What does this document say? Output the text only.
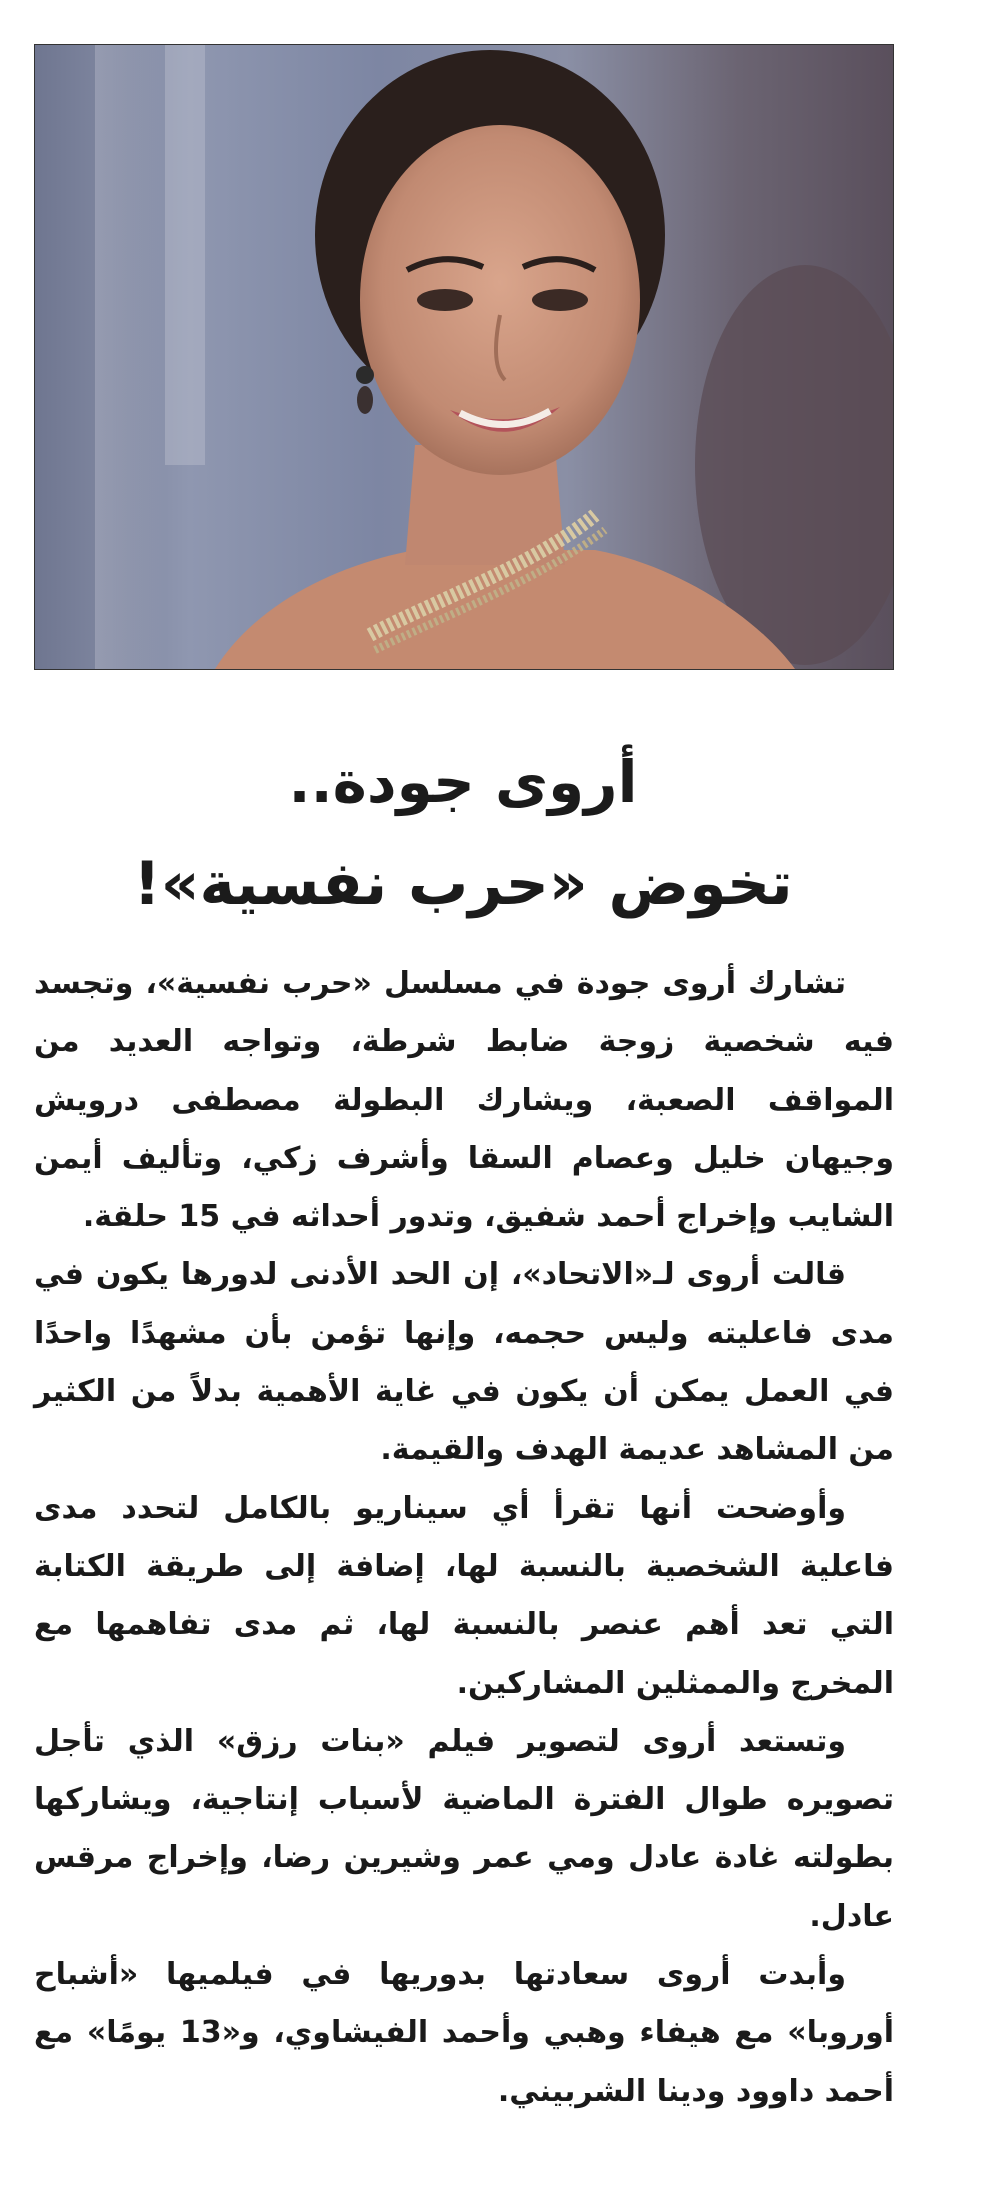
أروى جودة..
تخوض «حرب نفسية»!

تشارك أروى جودة في مسلسل «حرب نفسية»، وتجسد فيه شخصية زوجة ضابط شرطة، وتواجه العديد من المواقف الصعبة، ويشارك البطولة مصطفى درويش وجيهان خليل وعصام السقا وأشرف زكي، وتأليف أيمن الشايب وإخراج أحمد شفيق، وتدور أحداثه في 15 حلقة.

قالت أروى لـ«الاتحاد»، إن الحد الأدنى لدورها يكون في مدى فاعليته وليس حجمه، وإنها تؤمن بأن مشهدًا واحدًا في العمل يمكن أن يكون في غاية الأهمية بدلاً من الكثير من المشاهد عديمة الهدف والقيمة.

وأوضحت أنها تقرأ أي سيناريو بالكامل لتحدد مدى فاعلية الشخصية بالنسبة لها، إضافة إلى طريقة الكتابة التي تعد أهم عنصر بالنسبة لها، ثم مدى تفاهمها مع المخرج والممثلين المشاركين.

وتستعد أروى لتصوير فيلم «بنات رزق» الذي تأجل تصويره طوال الفترة الماضية لأسباب إنتاجية، ويشاركها بطولته غادة عادل ومي عمر وشيرين رضا، وإخراج مرقس عادل.

وأبدت أروى سعادتها بدوريها في فيلميها «أشباح أوروبا» مع هيفاء وهبي وأحمد الفيشاوي، و«13 يومًا» مع أحمد داوود ودينا الشربيني.
